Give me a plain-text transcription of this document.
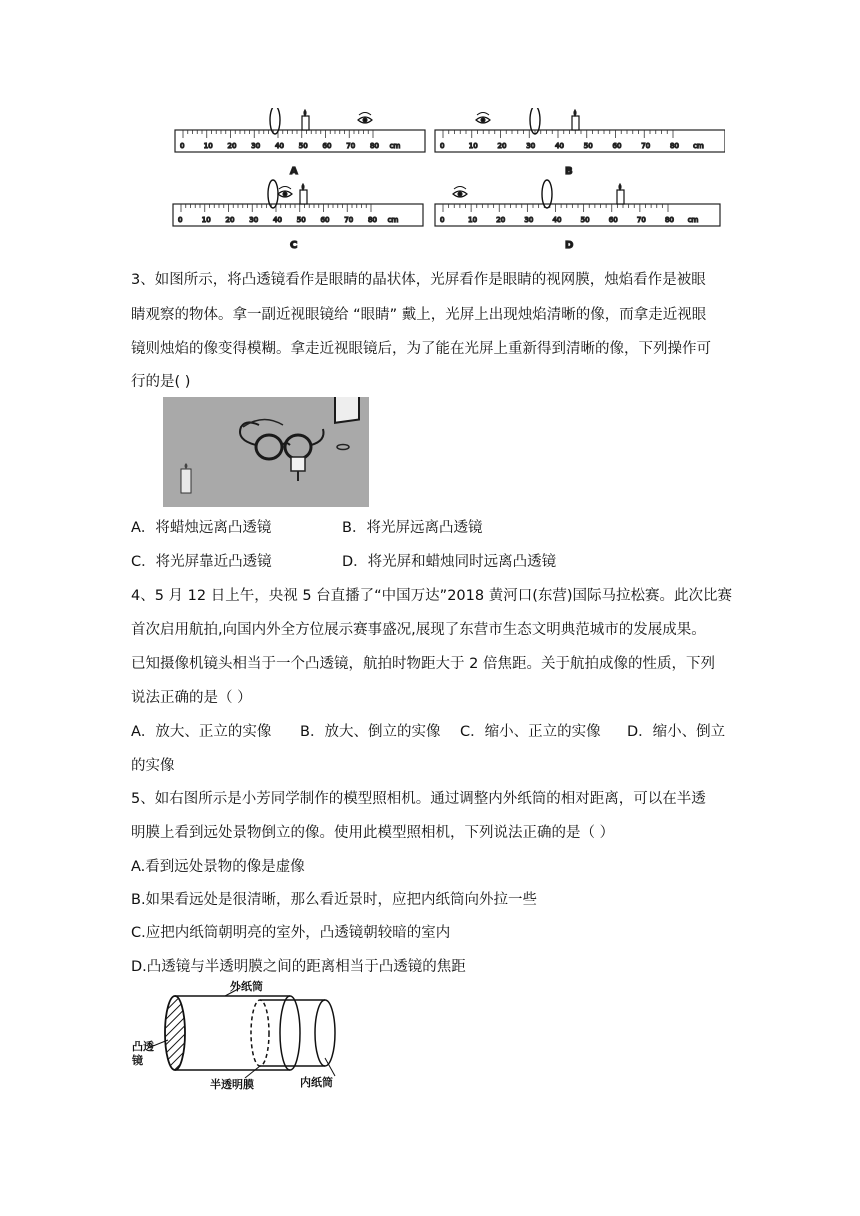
0	10 20 30 40 50 60 70 80 cm
A
0	10	20	30	40	50	60	70	80 cm
B
0	10 20 30 40 50 60 70 80 cm
C
0	10	20	30	40	50	60	70	80 cm
D
3、如图所示，将凸透镜看作是眼睛的晶状体，光屏看作是眼睛的视网膜，烛焰看作是被眼
睛观察的物体。拿一副近视眼镜给 “眼睛” 戴上，光屏上出现烛焰清晰的像，而拿走近视眼
镜则烛焰的像变得模糊。拿走近视眼镜后，为了能在光屏上重新得到清晰的像，下列操作可
行的是( )
A．将蜡烛远离凸透镜	B．将光屏远离凸透镜
C．将光屏靠近凸透镜	D．将光屏和蜡烛同时远离凸透镜
4、5 月 12 日上午，央视 5 台直播了“中国万达”2018 黄河口(东营)国际马拉松赛。此次比赛
首次启用航拍,向国内外全方位展示赛事盛况,展现了东营市生态文明典范城市的发展成果。
已知摄像机镜头相当于一个凸透镜，航拍时物距大于 2 倍焦距。关于航拍成像的性质，下列
说法正确的是（ ）
A．放大、正立的实像 B．放大、倒立的实像 C．缩小、正立的实像 D．缩小、倒立
的实像
5、如右图所示是小芳同学制作的模型照相机。通过调整内外纸筒的相对距离，可以在半透
明膜上看到远处景物倒立的像。使用此模型照相机，下列说法正确的是（ ）
A.看到远处景物的像是虚像
B.如果看远处是很清晰，那么看近景时，应把内纸筒向外拉一些
C.应把内纸筒朝明亮的室外，凸透镜朝较暗的室内
D.凸透镜与半透明膜之间的距离相当于凸透镜的焦距
外纸筒
凸透
镜
半透明膜	内纸筒
